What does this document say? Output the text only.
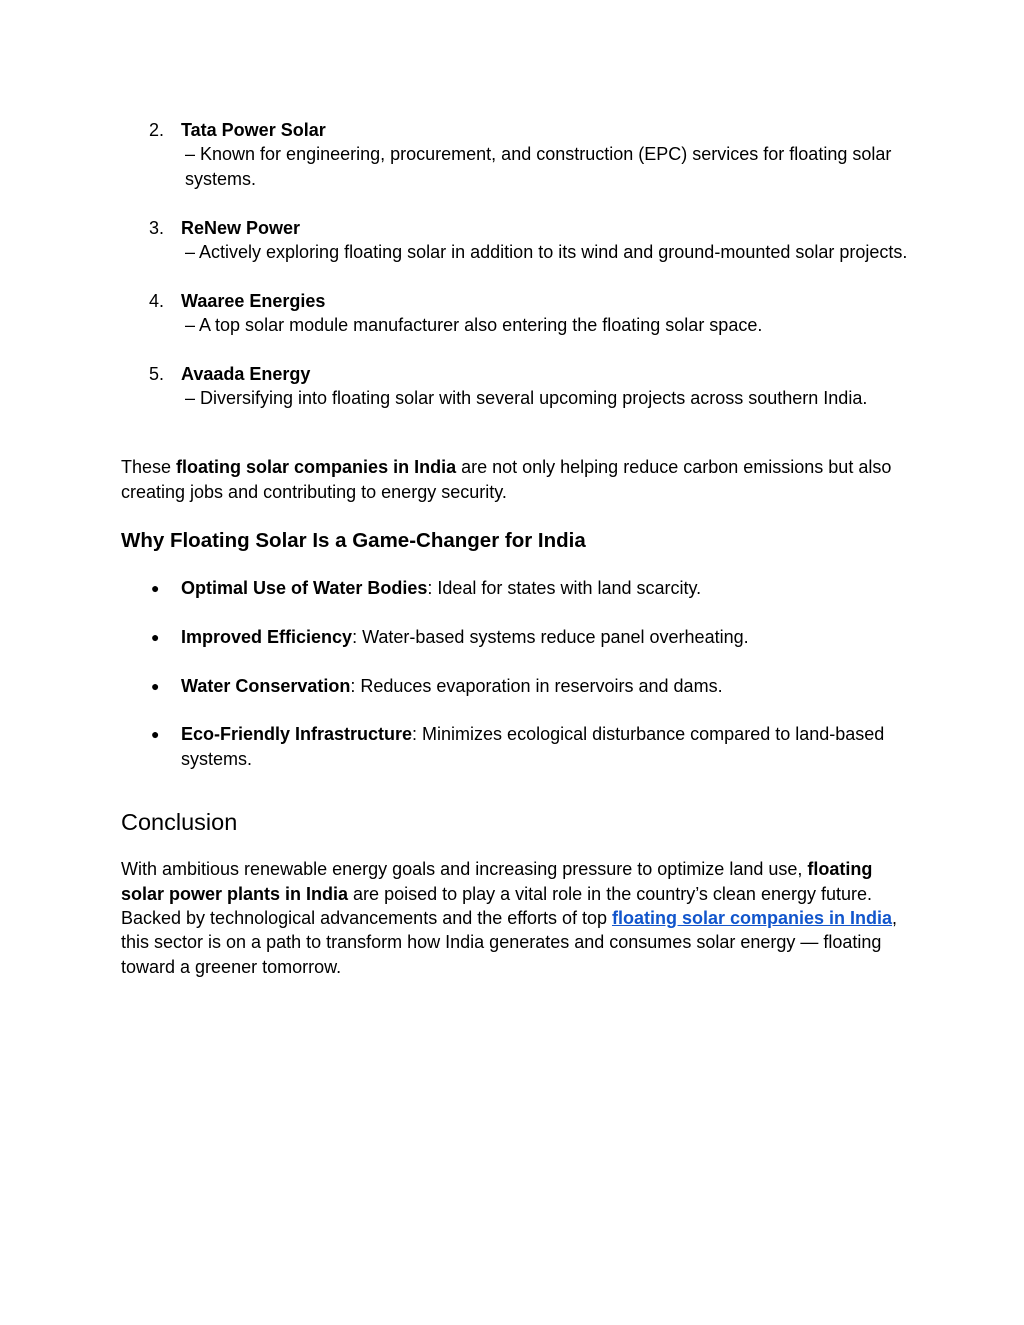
2. Tata Power Solar
– Known for engineering, procurement, and construction (EPC) services for floating solar systems.
3. ReNew Power
– Actively exploring floating solar in addition to its wind and ground-mounted solar projects.
4. Waaree Energies
– A top solar module manufacturer also entering the floating solar space.
5. Avaada Energy
– Diversifying into floating solar with several upcoming projects across southern India.

These floating solar companies in India are not only helping reduce carbon emissions but also creating jobs and contributing to energy security.

Why Floating Solar Is a Game-Changer for India
● Optimal Use of Water Bodies: Ideal for states with land scarcity.
● Improved Efficiency: Water-based systems reduce panel overheating.
● Water Conservation: Reduces evaporation in reservoirs and dams.
● Eco-Friendly Infrastructure: Minimizes ecological disturbance compared to land-based systems.
Conclusion

With ambitious renewable energy goals and increasing pressure to optimize land use, floating solar power plants in India are poised to play a vital role in the country’s clean energy future. Backed by technological advancements and the efforts of top floating solar companies in India, this sector is on a path to transform how India generates and consumes solar energy — floating toward a greener tomorrow.
